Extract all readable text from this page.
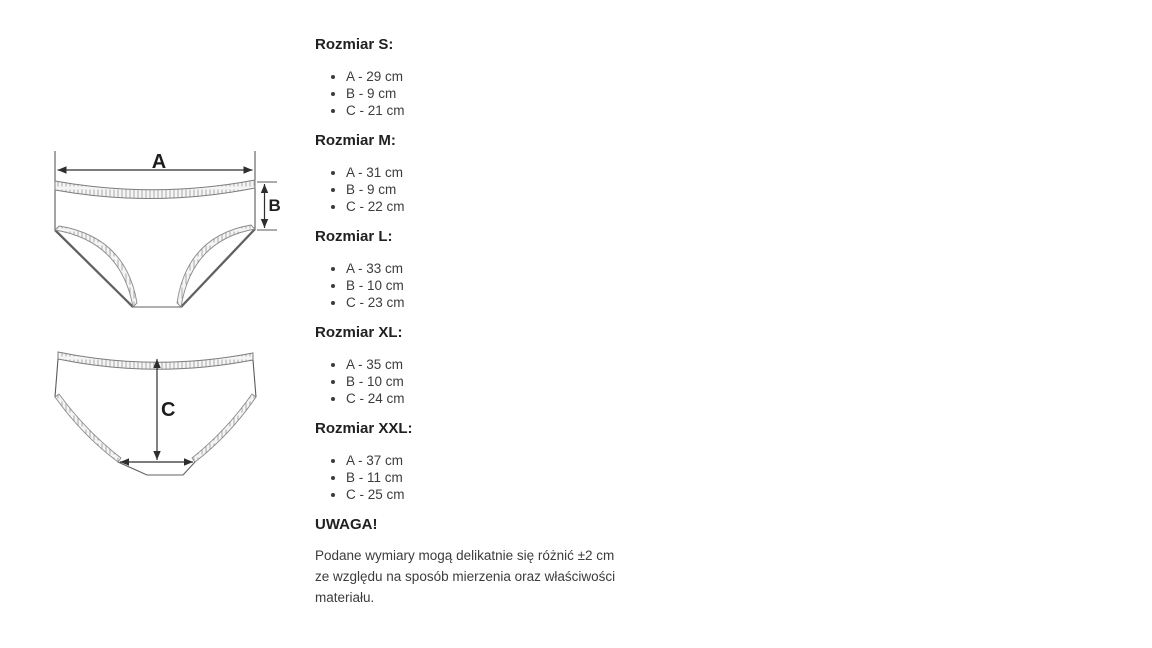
A
B
C
Rozmiar S:
• A - 29 cm
• B - 9 cm
• C - 21 cm
Rozmiar M:
• A - 31 cm
• B - 9 cm
• C - 22 cm
Rozmiar L:
• A - 33 cm
• B - 10 cm
• C - 23 cm
Rozmiar XL:
• A - 35 cm
• B - 10 cm
• C - 24 cm
Rozmiar XXL:
• A - 37 cm
• B - 11 cm
• C - 25 cm
UWAGA!
Podane wymiary mogą delikatnie się różnić ±2 cm
ze względu na sposób mierzenia oraz właściwości
materiału.
